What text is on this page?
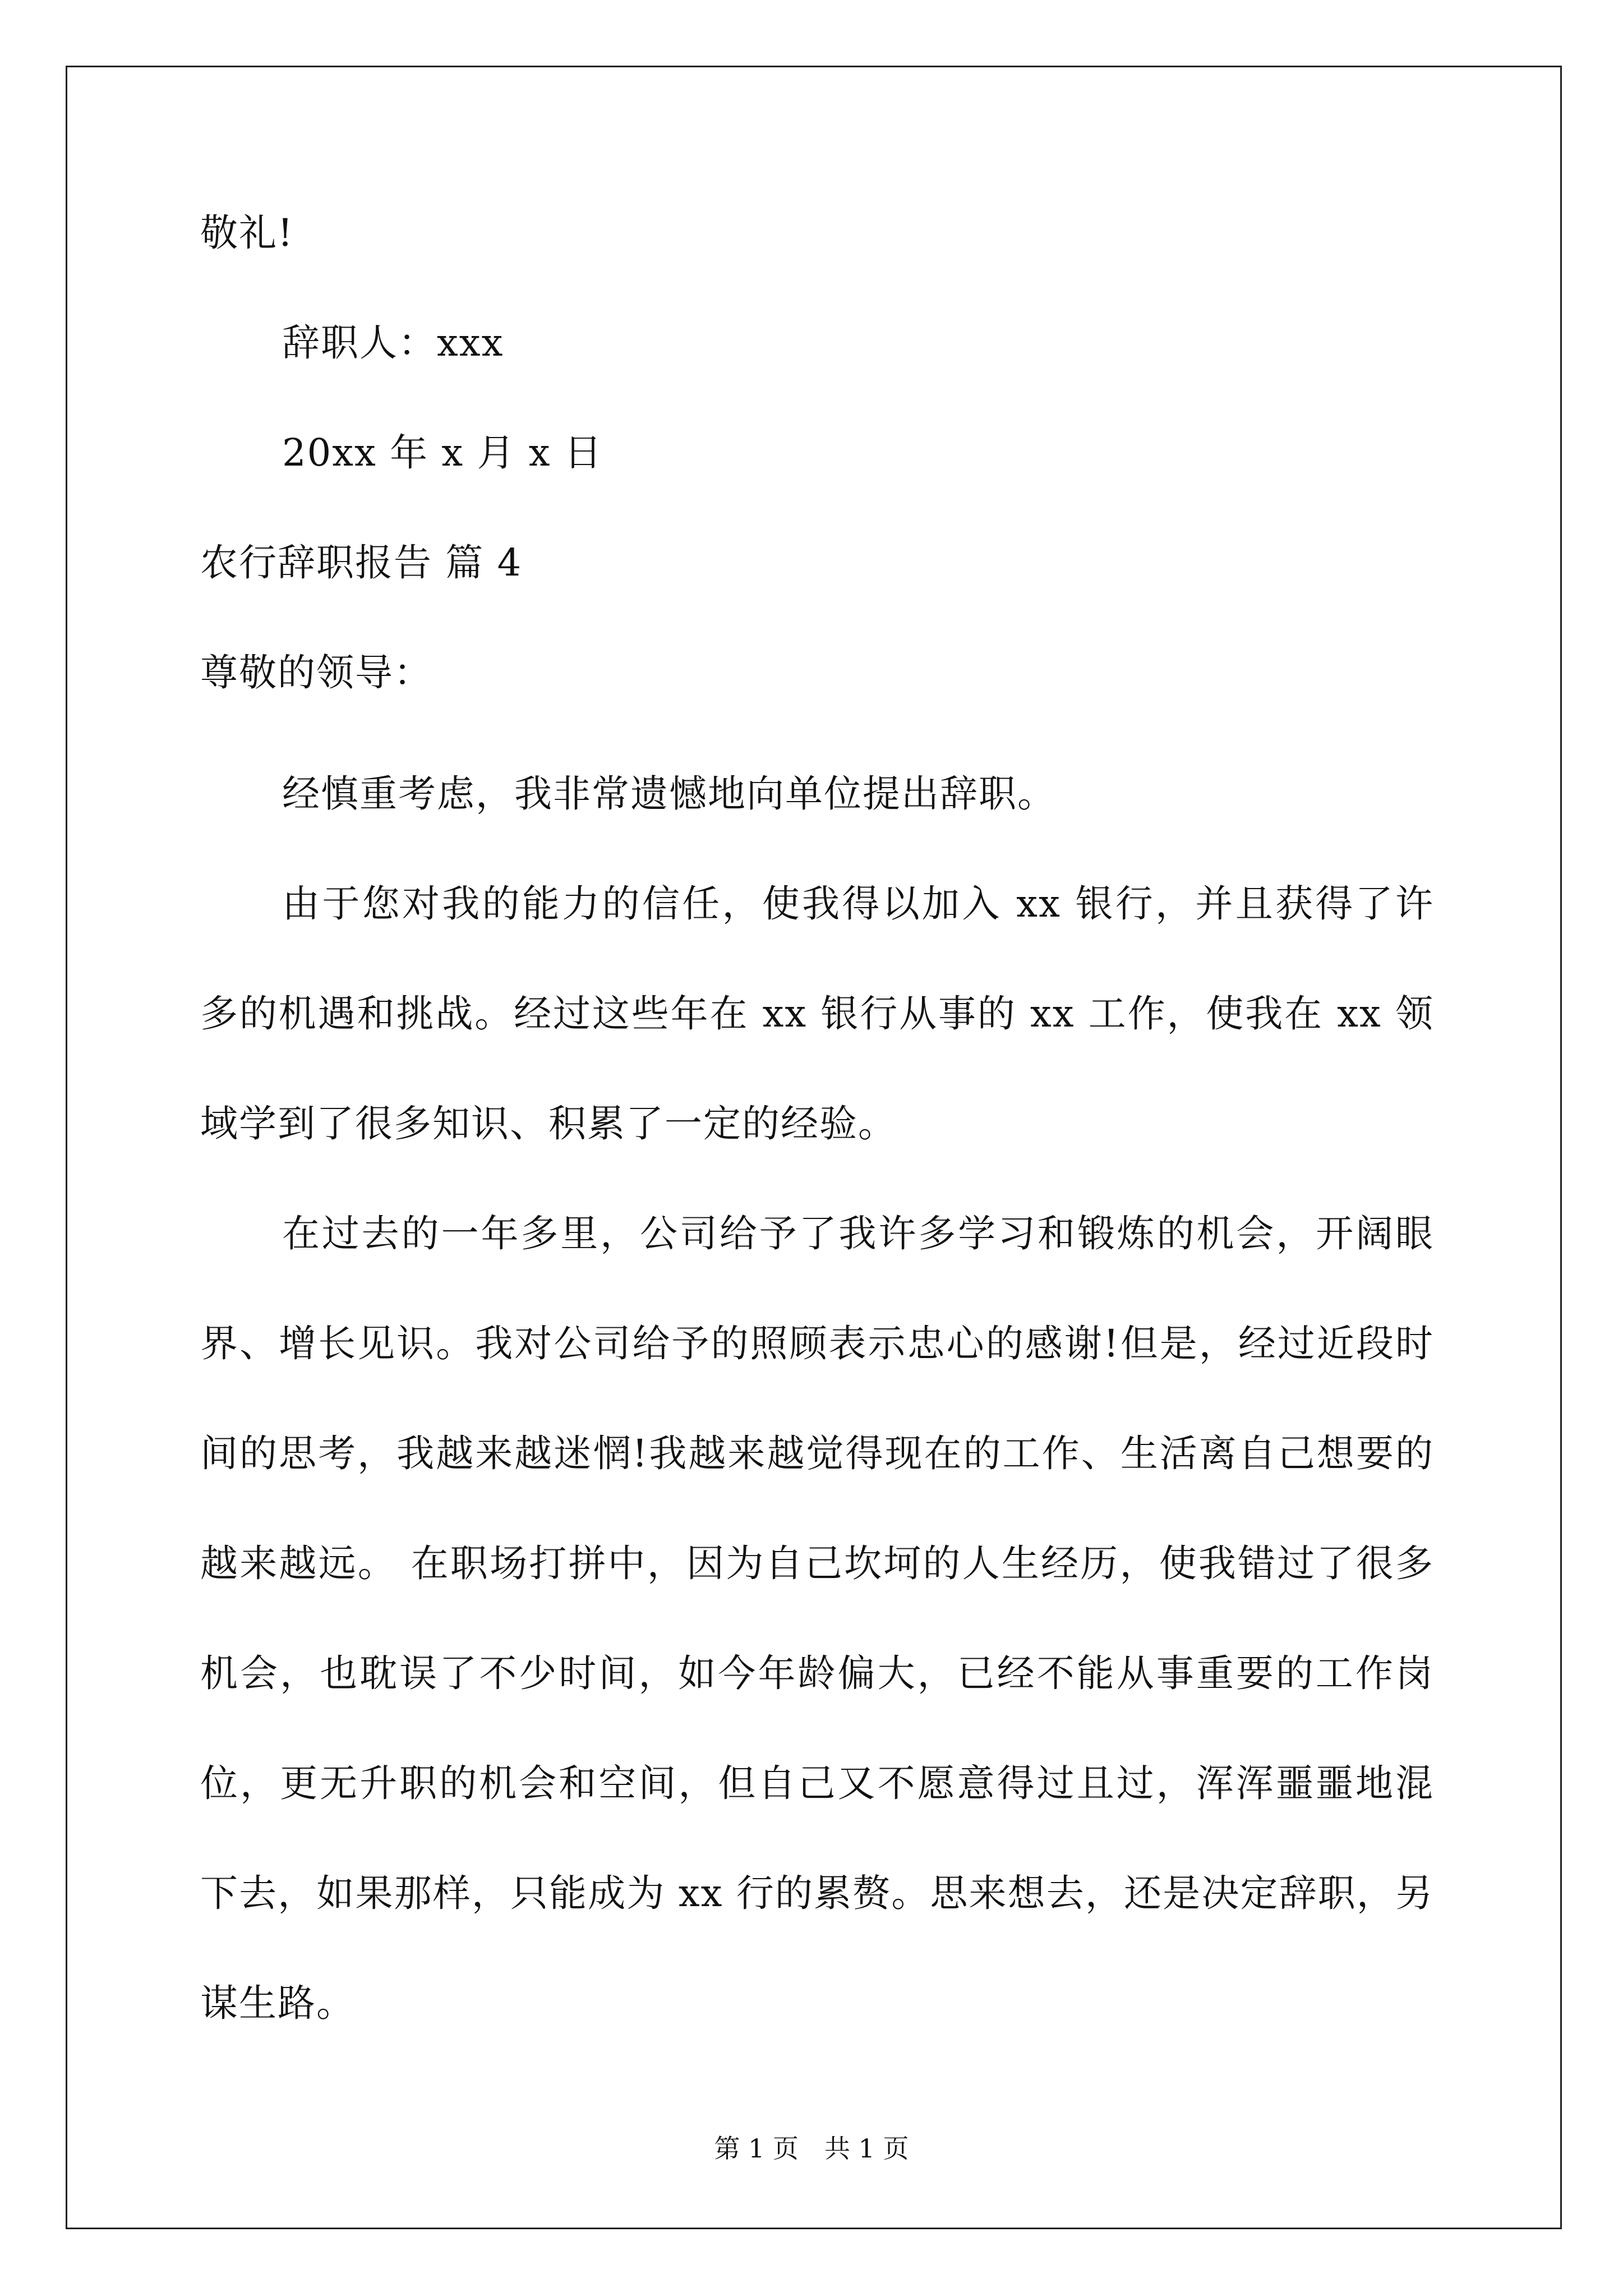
敬礼!
辞职人：xxx
20xx 年 x 月 x 日
农行辞职报告 篇 4
尊敬的领导：
经慎重考虑，我非常遗憾地向单位提出辞职。
由于您对我的能力的信任，使我得以加入 xx 银行，并且获得了许多的机遇和挑战。经过这些年在 xx 银行从事的 xx 工作，使我在 xx 领域学到了很多知识、积累了一定的经验。
在过去的一年多里，公司给予了我许多学习和锻炼的机会，开阔眼界、增长见识。我对公司给予的照顾表示忠心的感谢!但是，经过近段时间的思考，我越来越迷惘!我越来越觉得现在的工作、生活离自己想要的越来越远。 在职场打拼中，因为自己坎坷的人生经历，使我错过了很多机会，也耽误了不少时间，如今年龄偏大，已经不能从事重要的工作岗位，更无升职的机会和空间，但自己又不愿意得过且过，浑浑噩噩地混下去，如果那样，只能成为 xx 行的累赘。思来想去，还是决定辞职，另谋生路。
第 1 页　共 1 页
